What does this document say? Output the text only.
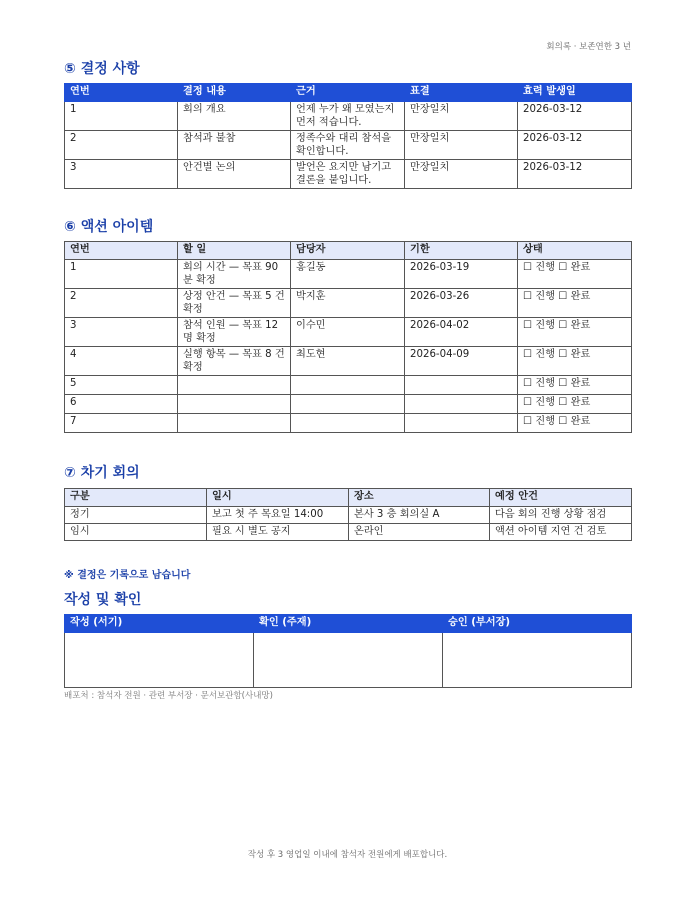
회의록 · 보존연한 3 년
⑤ 결정 사항
연번	결정 내용	근거	표결	효력 발생일
1	회의 개요	언제 누가 왜 모였는지 먼저 적습니다.	만장일치	2026-03-12
2	참석과 불참	정족수와 대리 참석을 확인합니다.	만장일치	2026-03-12
3	안건별 논의	발언은 요지만 남기고 결론을 붙입니다.	만장일치	2026-03-12
⑥ 액션 아이템
연번	할 일	담당자	기한	상태
1	회의 시간 — 목표 90 분 확정	홍길동	2026-03-19	☐ 진행 ☐ 완료
2	상정 안건 — 목표 5 건 확정	박지훈	2026-03-26	☐ 진행 ☐ 완료
3	참석 인원 — 목표 12 명 확정	이수민	2026-04-02	☐ 진행 ☐ 완료
4	실행 항목 — 목표 8 건 확정	최도현	2026-04-09	☐ 진행 ☐ 완료
5				☐ 진행 ☐ 완료
6				☐ 진행 ☐ 완료
7				☐ 진행 ☐ 완료
⑦ 차기 회의
구분	일시	장소	예정 안건
정기	보고 첫 주 목요일 14:00	본사 3 층 회의실 A	다음 회의 진행 상황 점검
임시	필요 시 별도 공지	온라인	액션 아이템 지연 건 검토
※ 결정은 기록으로 남습니다
작성 및 확인
작성 (서기)	확인 (주재)	승인 (부서장)

배포처 : 참석자 전원 · 관련 부서장 · 문서보관함(사내망)
작성 후 3 영업일 이내에 참석자 전원에게 배포합니다.
